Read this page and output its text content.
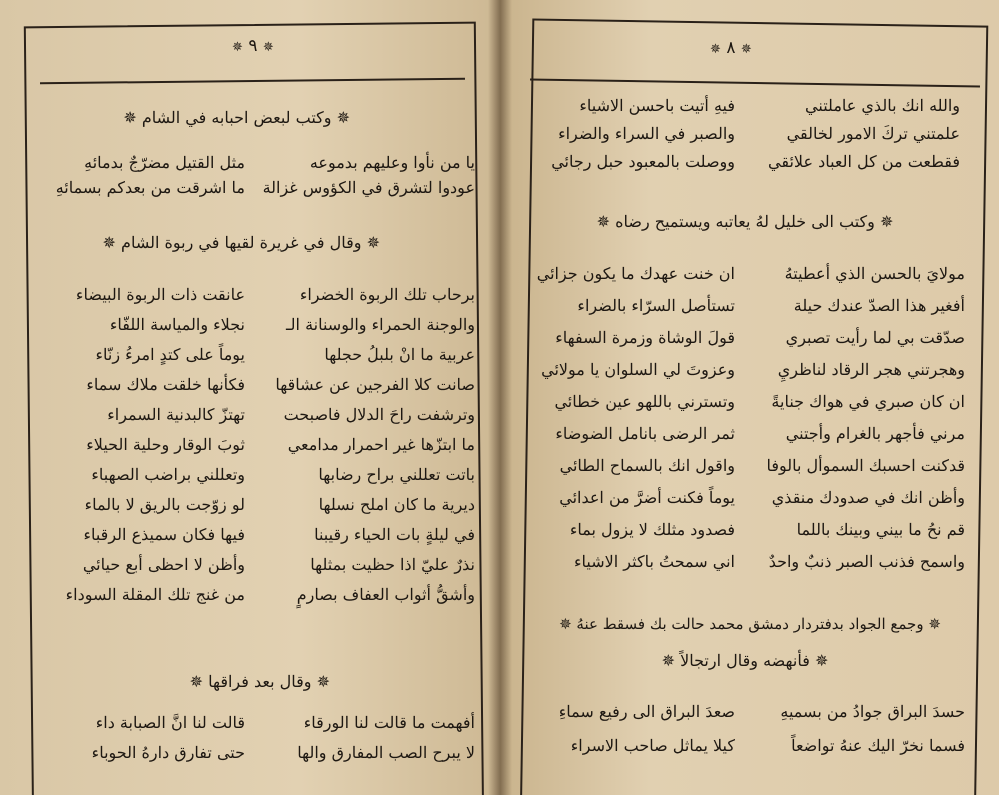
✵ ٩ ✵
✵ وكتب لبعض احبابه في الشام ✵
يا من نأوا وعليهم بدموعه
عودوا لتشرق في الكؤوس غزالة
مثل القتيل مضرّجٌ بدمائهِ
ما اشرقت من بعدكم بسمائهِ
✵ وقال في غريرة لقيها في ربوة الشام ✵
برحاب تلك الربوة الخضراء
والوجنة الحمراء والوسنانة الـ
عربية ما انْ بلبلُ حجلها
صانت كلا الفرجين عن عشاقها
وترشفت راحَ الدلال فاصبحت
ما ابتزّها غير احمرار مدامعي
باتت تعللني براح رضابها
ديرية ما كان املح نسلها
في ليلةٍ بات الحياء رقيبنا
نذرٌ عليّ اذا حظيت بمثلها
وأشقُّ أثواب العفاف بصارمٍ
عانقت ذات الربوة البيضاء
نجلاء والمياسة اللفّاء
يوماً على كتدٍ امرءُ زنّاء
فكأنها خلقت ملاك سماء
تهتزّ كالبدنية السمراء
ثوبَ الوقار وحلية الحيلاء
وتعللني براضب الصهباء
لو زوّجت بالريق لا بالماء
فيها فكان سميذع الرقباء
وأظن لا احظى أبع حيائي
من غنج تلك المقلة السوداء
✵ وقال بعد فراقها ✵
أفهمت ما قالت لنا الورقاء
لا يبرح الصب المفارق والها
قالت لنا انَّ الصبابة داء
حتى تفارق دارهُ الحوباء
✵ ٨ ✵
والله انك بالذي عاملتني
علمتني تركَ الامور لخالقي
فقطعت من كل العباد علائقي
فيهِ أتيت باحسن الاشياء
والصبر في السراء والضراء
ووصلت بالمعبود حبل رجائي
✵ وكتب الى خليل لهُ يعاتبه ويستميح رضاه ✵
مولايَ بالحسن الذي أعطيتهُ
أفغير هذا الصدّ عندك حيلة
صدّقت بي لما رأيت تصبري
وهجرتني هجر الرقاد لناظريِ
ان كان صبري في هواك جنايةً
مرني فأجهر بالغرام وأجتني
قدكنت احسبك السموأل بالوفا
وأظن انك في صدودك منقذي
قم نحُ ما بيني وبينك باللما
واسمح فذنب الصبر ذنبٌ واحدٌ
ان خنت عهدك ما يكون جزائي
تستأصل السرّاء بالضراء
قولَ الوشاة وزمرة السفهاء
وعزوتَ لي السلوان يا مولائي
وتسترني باللهو عين خطائي
ثمر الرضى بانامل الضوضاء
واقول انك بالسماح الطائي
يوماً فكنت أضرَّ من اعدائي
فصدود مثلك لا يزول بماء
اني سمحتُ باكثر الاشياء
✵ وجمع الجواد بدفتردار دمشق محمد حالت بك فسقط عنهُ ✵
✵ فأنهضه وقال ارتجالاً ✵
حسدَ البراق جوادُ من بسميهِ
فسما نخرّ اليك عنهُ تواضعاً
صعدَ البراق الى رفيع سماءِ
كيلا يماثل صاحب الاسراء
